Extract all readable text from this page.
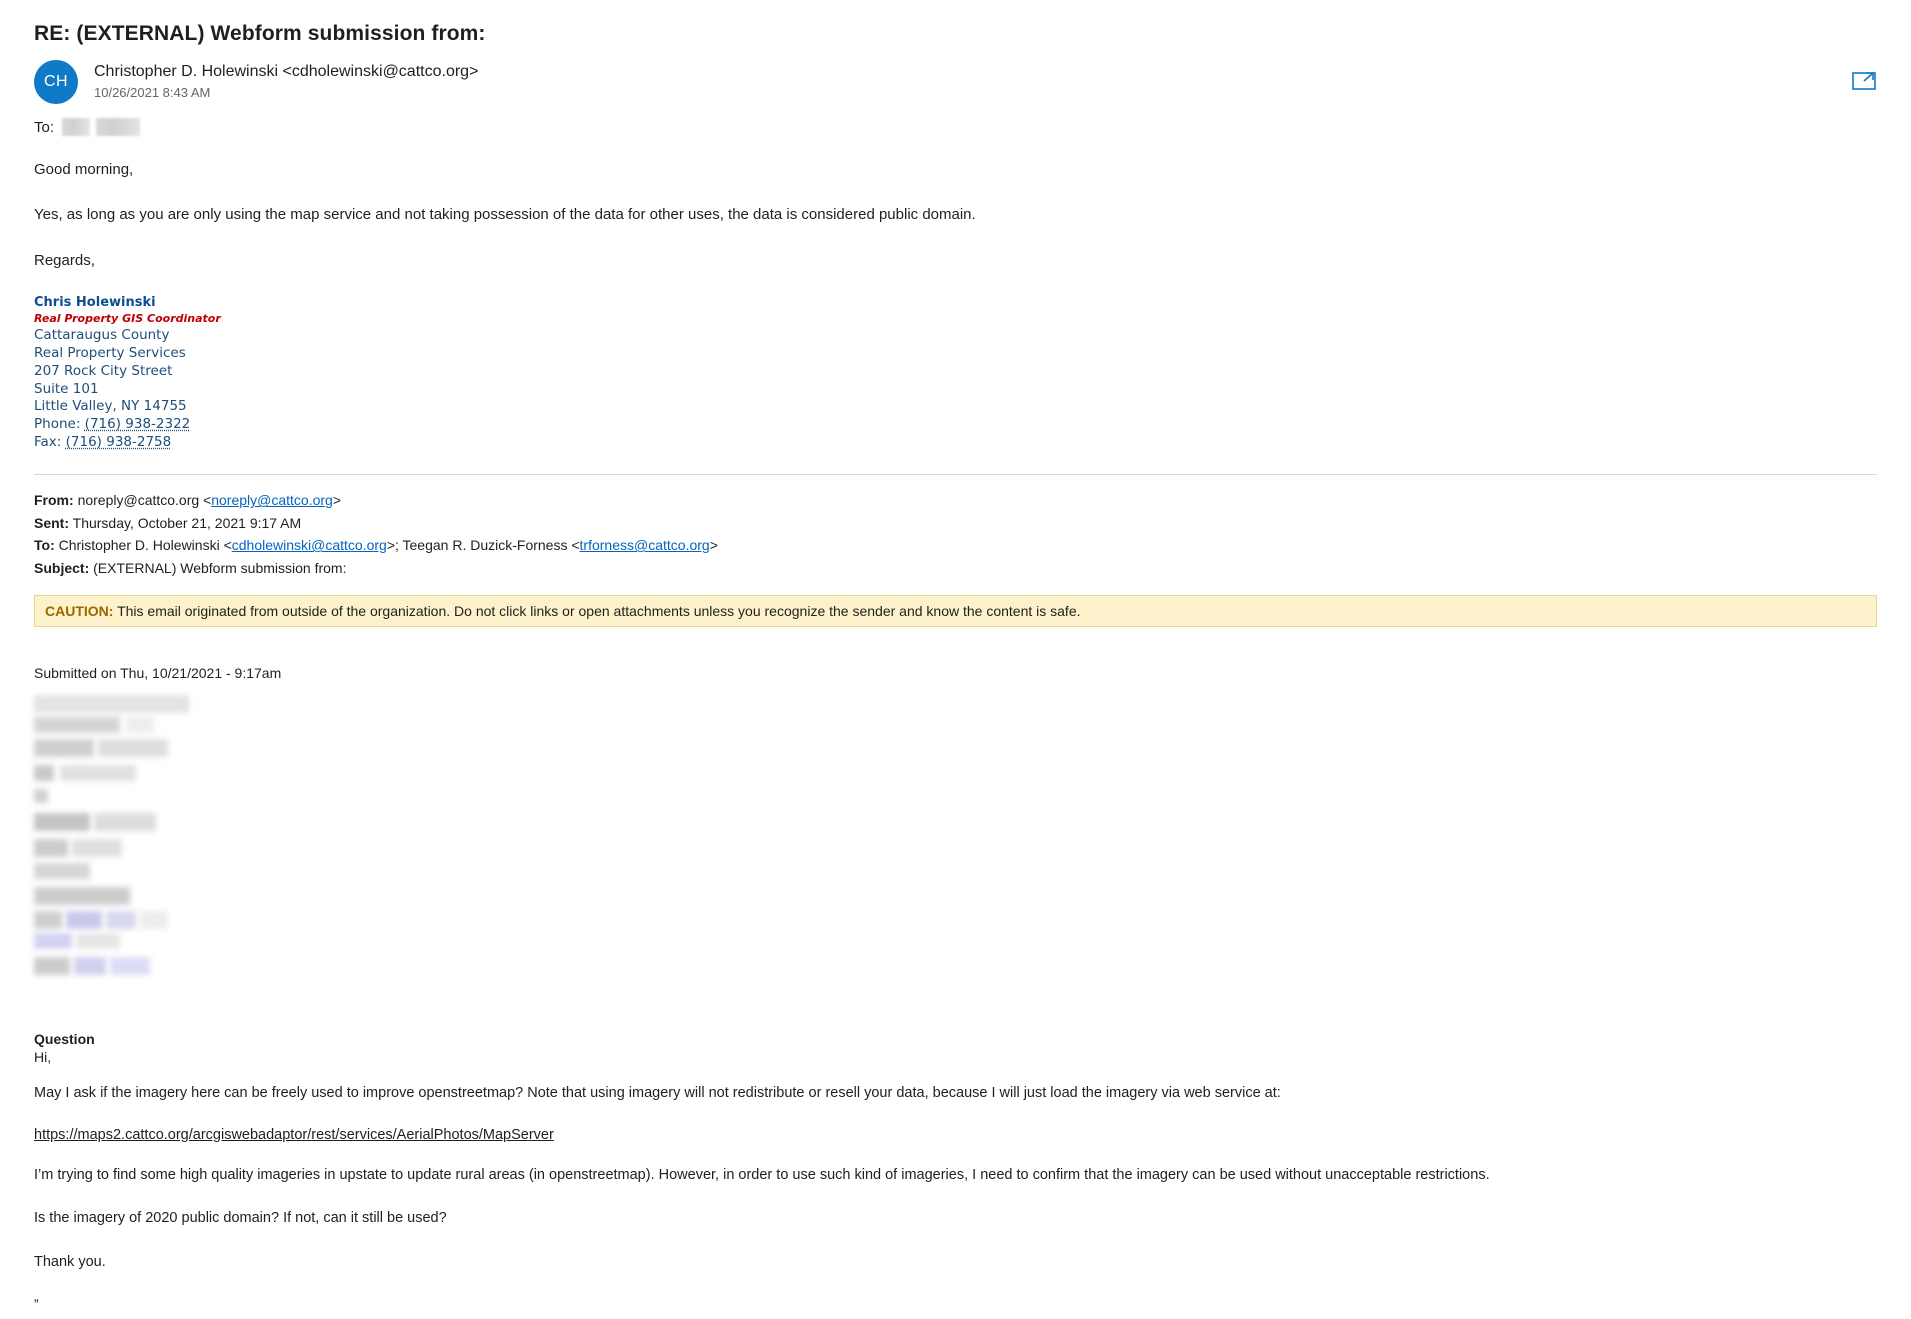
RE: (EXTERNAL) Webform submission from:
CH
Christopher D. Holewinski <cdholewinski@cattco.org>
10/26/2021 8:43 AM
To:

Good morning,

Yes, as long as you are only using the map service and not taking possession of the data for other uses, the data is considered public domain.

Regards,

Chris Holewinski
Real Property GIS Coordinator
Cattaraugus County
Real Property Services
207 Rock City Street
Suite 101
Little Valley, NY 14755
Phone: (716) 938-2322
Fax: (716) 938-2758
From: noreply@cattco.org <noreply@cattco.org>
Sent: Thursday, October 21, 2021 9:17 AM
To: Christopher D. Holewinski <cdholewinski@cattco.org>; Teegan R. Duzick-Forness <trforness@cattco.org>
Subject: (EXTERNAL) Webform submission from:
CAUTION: This email originated from outside of the organization. Do not click links or open attachments unless you recognize the sender and know the content is safe.
Submitted on Thu, 10/21/2021 - 9:17am
Question
Hi,

May I ask if the imagery here can be freely used to improve openstreetmap? Note that using imagery will not redistribute or resell your data, because I will just load the imagery via web service at:

https://maps2.cattco.org/arcgiswebadaptor/rest/services/AerialPhotos/MapServer

I’m trying to find some high quality imageries in upstate to update rural areas (in openstreetmap). However, in order to use such kind of imageries, I need to confirm that the imagery can be used without unacceptable restrictions.

Is the imagery of 2020 public domain? If not, can it still be used?

Thank you.

”
